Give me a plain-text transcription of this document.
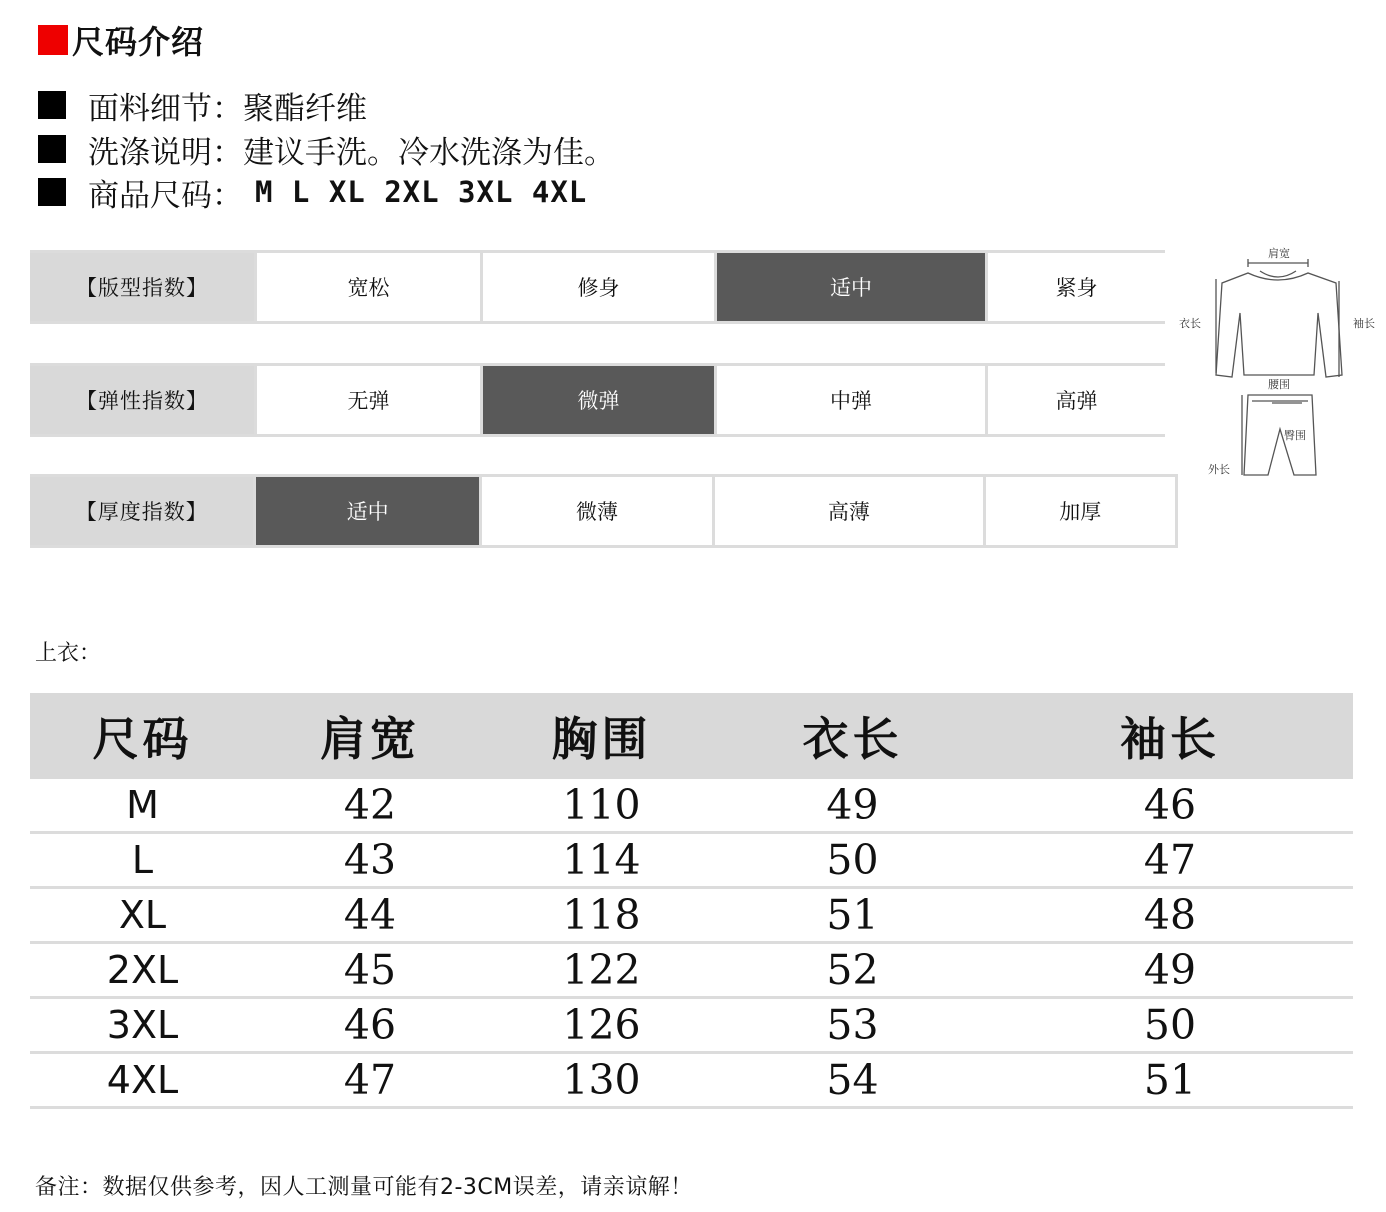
尺码介绍
面料细节：聚酯纤维
洗涤说明：建议手洗。冷水洗涤为佳。
商品尺码： M L XL 2XL 3XL 4XL
【版型指数】	宽松	修身	适中	紧身
【弹性指数】	无弹	微弹	中弹	高弹
【厚度指数】	适中	微薄	高薄	加厚
肩宽
衣长	袖长
腰围
臀围
外长
上衣：
尺码	肩宽	胸围	衣长	袖长
M	42	110	49	46
L	43	114	50	47
XL	44	118	51	48
2XL	45	122	52	49
3XL	46	126	53	50
4XL	47	130	54	51
备注：数据仅供参考，因人工测量可能有2-3CM误差，请亲谅解！
